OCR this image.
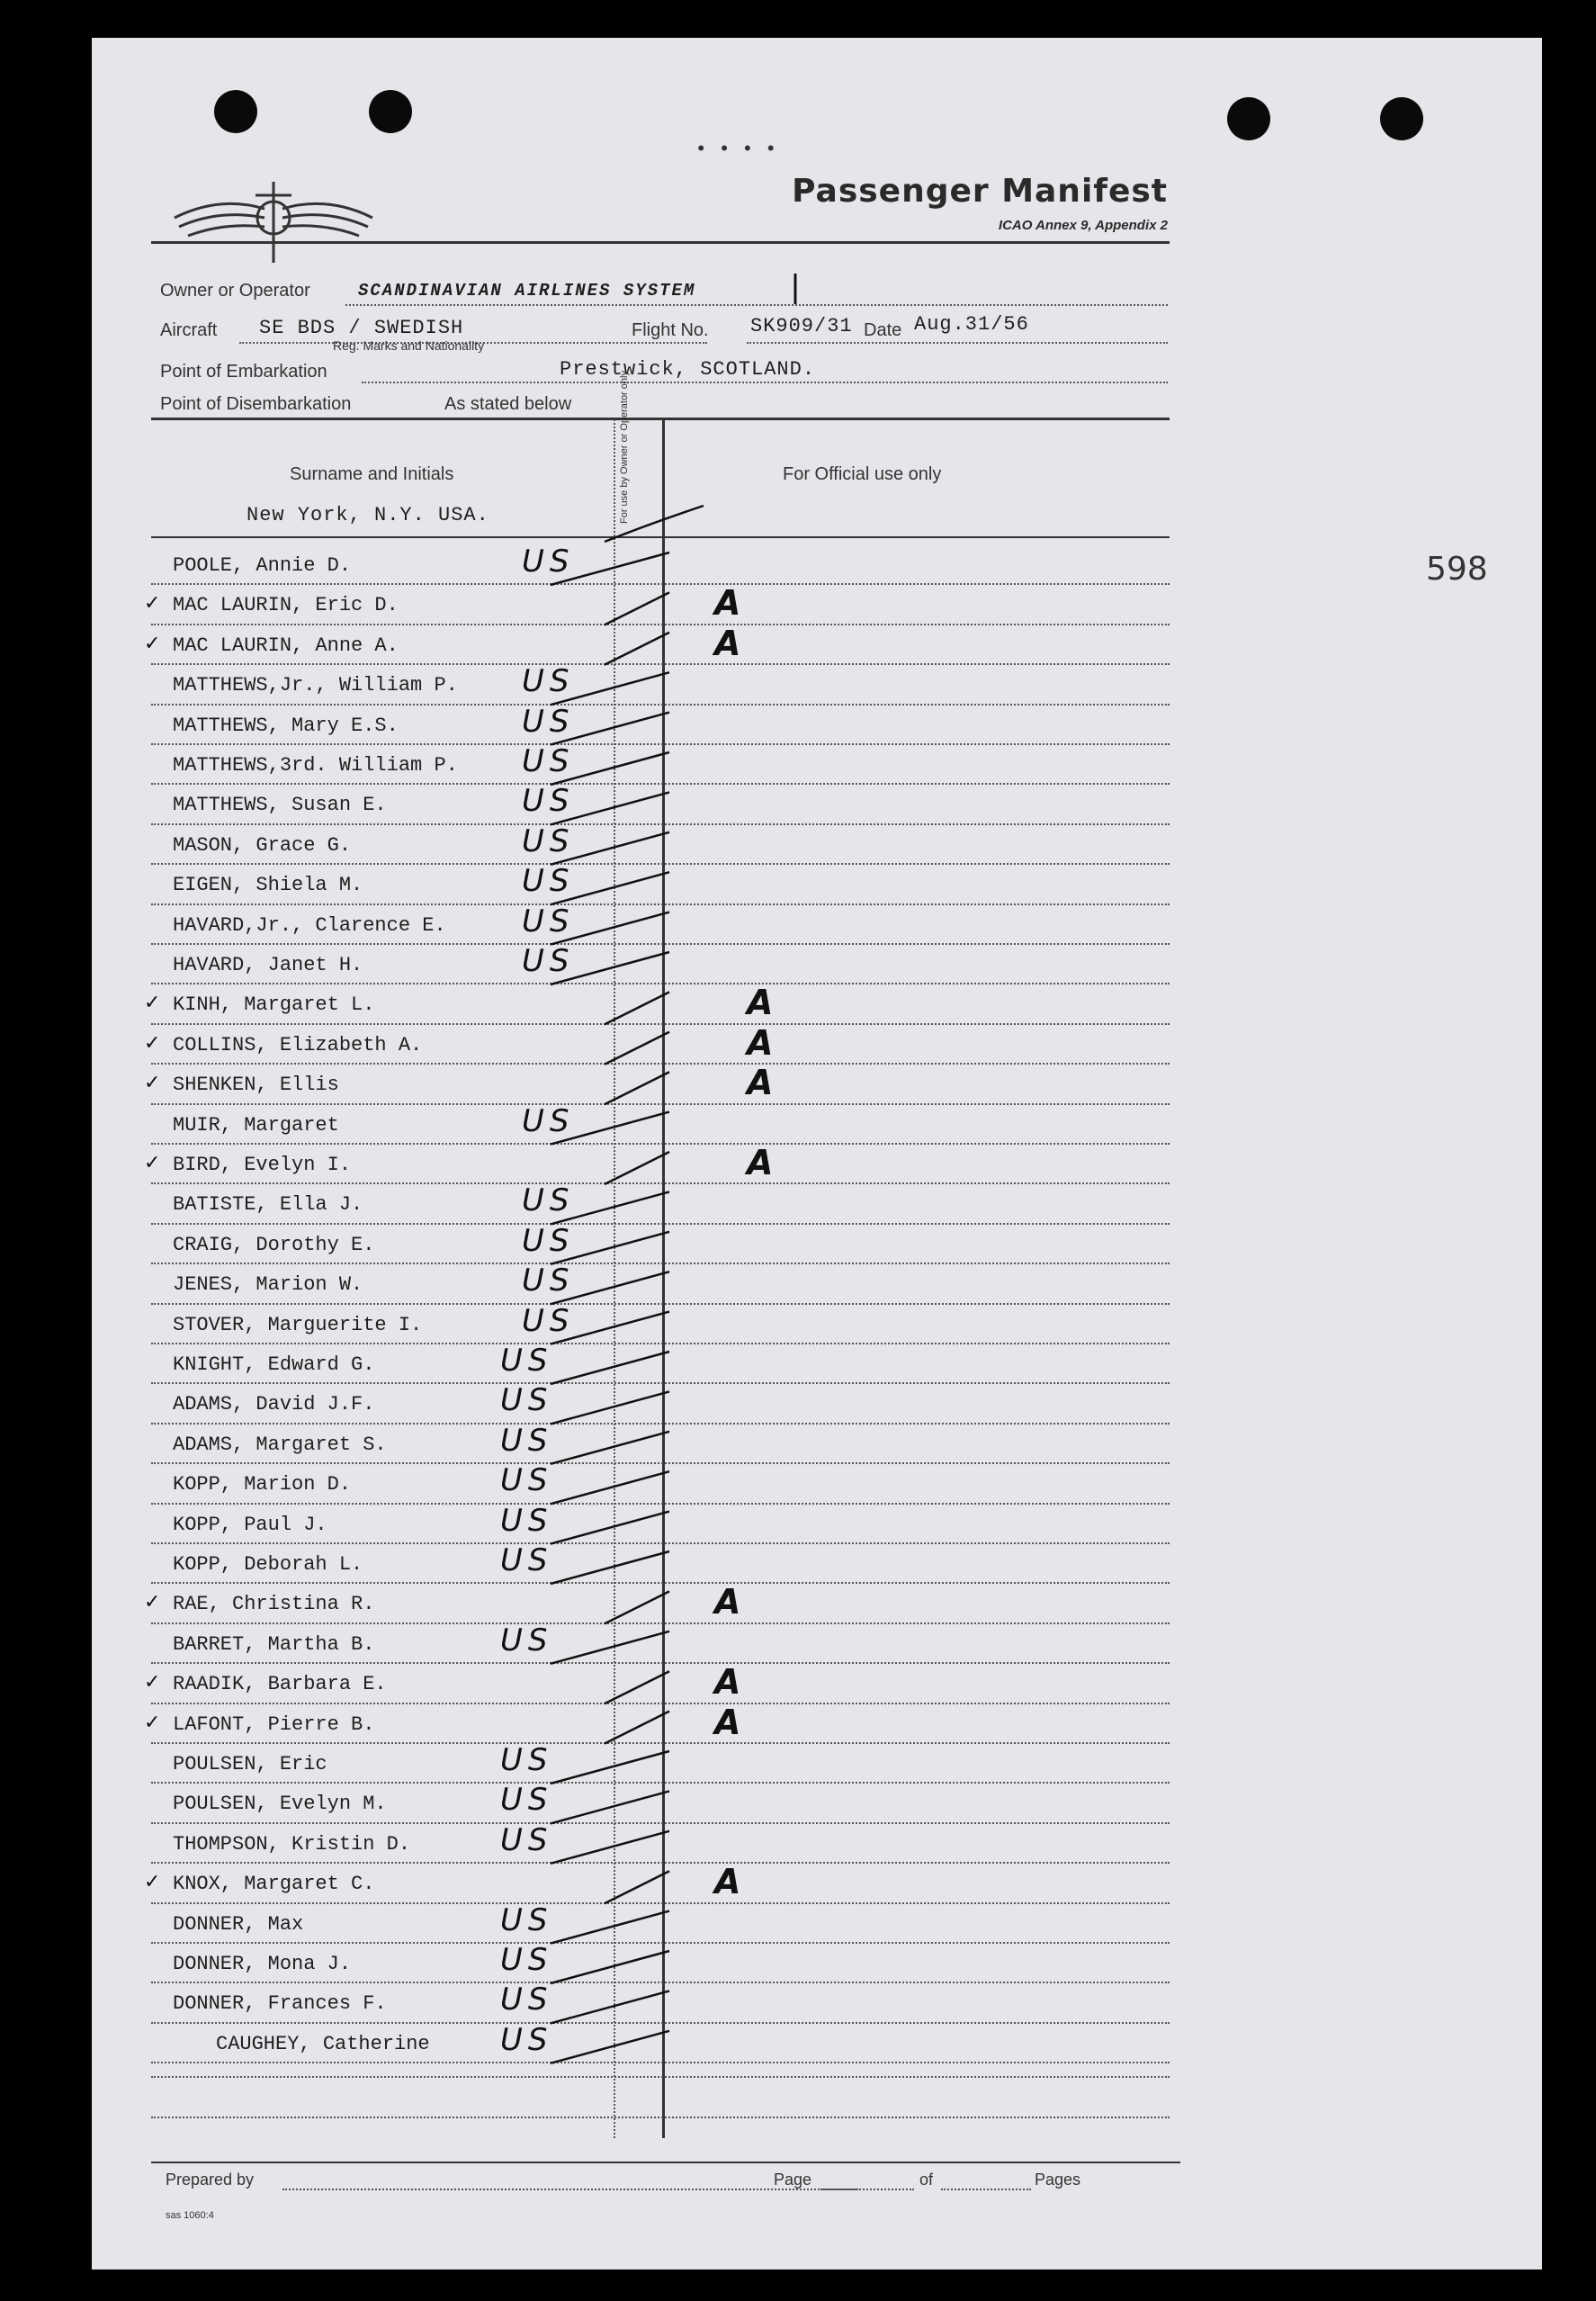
• • • •
Passenger Manifest
ICAO Annex 9, Appendix 2
Owner or Operator	SCANDINAVIAN AIRLINES SYSTEM
Aircraft SE BDS / SWEDISH
Reg. Marks and Nationality
Flight No. SK909/31 Date Aug.31/56
Point of Embarkation	Prestwick, SCOTLAND.
Point of Disembarkation	As stated below
Surname and Initials
New York, N.Y. USA.
For Official use only
For use by Owner or Operator only
598
POOLE, Annie D.	US
✓ MAC LAURIN, Eric D.	A
✓ MAC LAURIN, Anne A.	A
MATTHEWS,Jr., William P. US
MATTHEWS, Mary E.S.	US
MATTHEWS,3rd. William P. US
MATTHEWS, Susan E.	US
MASON, Grace G.	US
EIGEN, Shiela M.	US
HAVARD,Jr., Clarence E. US
HAVARD, Janet H.	US
✓ KINH, Margaret L.	A
✓ COLLINS, Elizabeth A.	A
✓ SHENKEN, Ellis	A
MUIR, Margaret	US
✓ BIRD, Evelyn I.	A
BATISTE, Ella J.	US
CRAIG, Dorothy E.	US
JENES, Marion W.	US
STOVER, Marguerite I.	US
KNIGHT, Edward G.	US
ADAMS, David J.F.	US
ADAMS, Margaret S.	US
KOPP, Marion D.	US
KOPP, Paul J.	US
KOPP, Deborah L.	US
✓ RAE, Christina R.	A
BARRET, Martha B.	US
✓ RAADIK, Barbara E.	A
✓ LAFONT, Pierre B.	A
POULSEN, Eric	US
POULSEN, Evelyn M.	US
THOMPSON, Kristin D.	US
✓ KNOX, Margaret C.	A
DONNER, Max	US
DONNER, Mona J.	US
DONNER, Frances F.	US
CAUGHEY, Catherine US
Prepared by	Page	of	Pages
sas 1060:4
